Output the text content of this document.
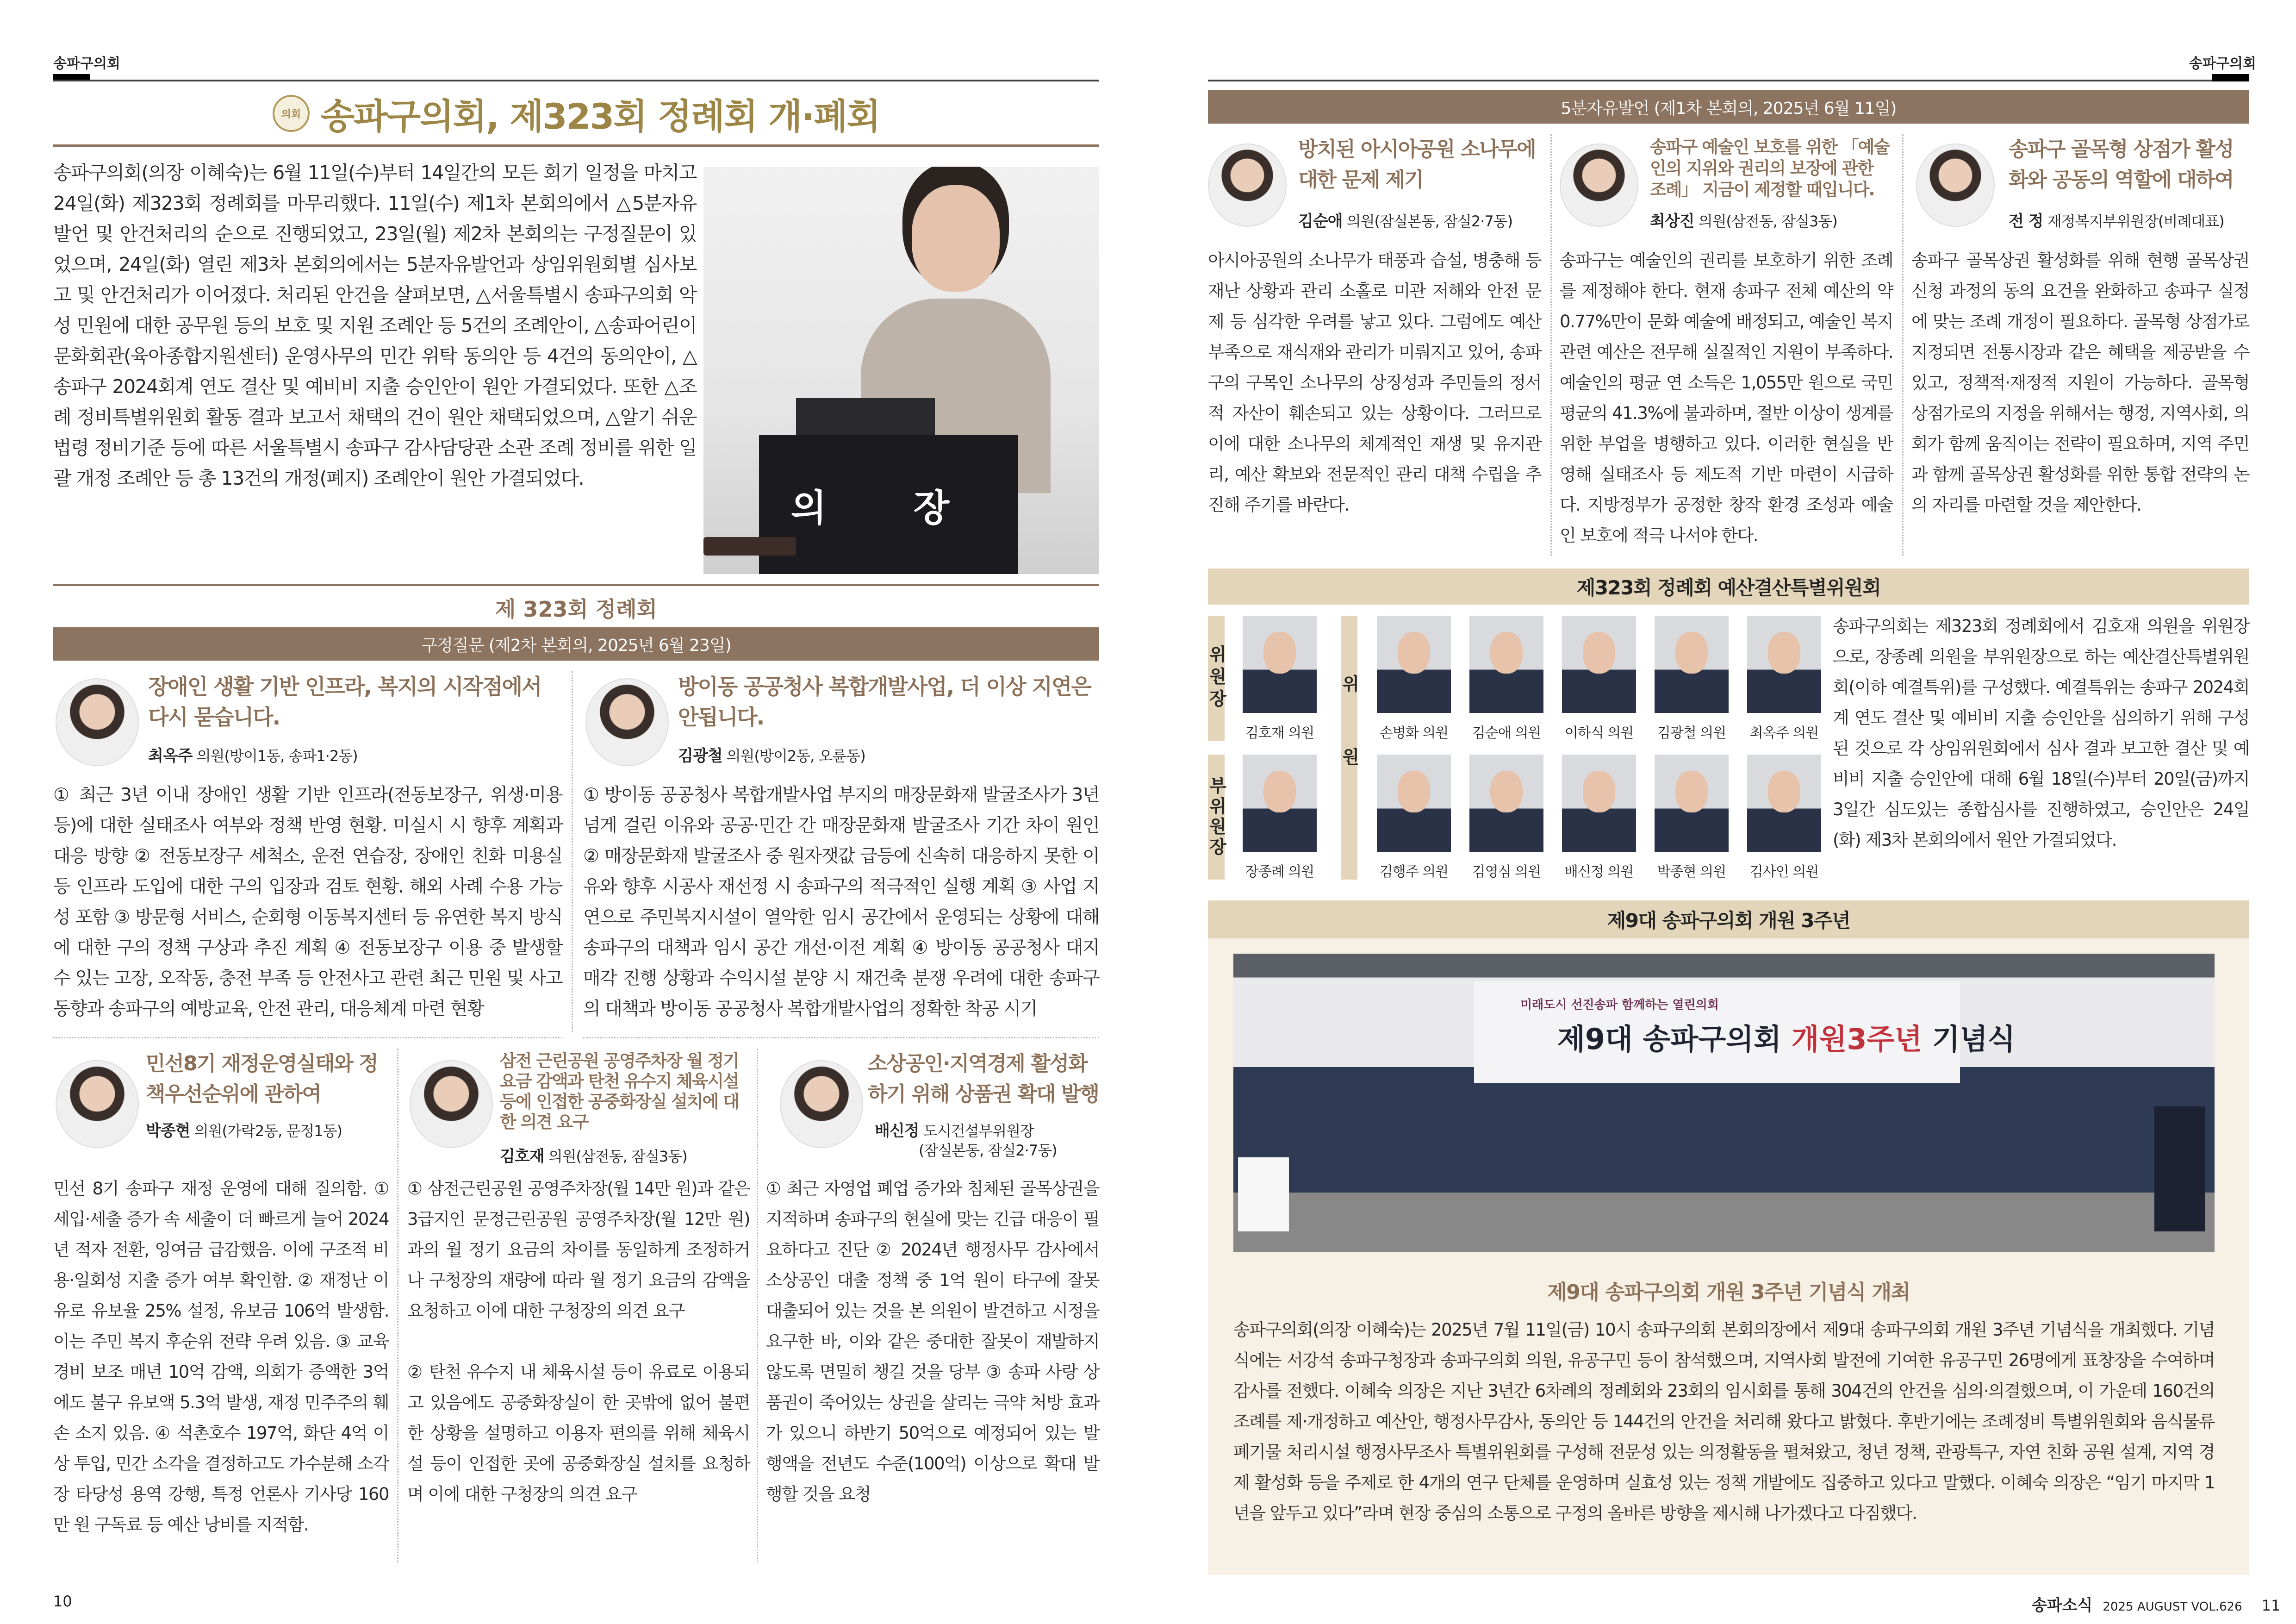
송파구의회
의회 송파구의회, 제323회 정례회 개·폐회

송파구의회(의장 이혜숙)는 6월 11일(수)부터 14일간의 모든 회기 일정을 마치고 24일(화) 제323회 정례회를 마무리했다. 11일(수) 제1차 본회의에서 △5분자유발언 및 안건처리의 순으로 진행되었고, 23일(월) 제2차 본회의는 구정질문이 있었으며, 24일(화) 열린 제3차 본회의에서는 5분자유발언과 상임위원회별 심사보고 및 안건처리가 이어졌다. 처리된 안건을 살펴보면, △서울특별시 송파구의회 악성 민원에 대한 공무원 등의 보호 및 지원 조례안 등 5건의 조례안이, △송파어린이문화회관(육아종합지원센터) 운영사무의 민간 위탁 동의안 등 4건의 동의안이, △송파구 2024회계 연도 결산 및 예비비 지출 승인안이 원안 가결되었다. 또한 △조례 정비특별위원회 활동 결과 보고서 채택의 건이 원안 채택되었으며, △알기 쉬운 법령 정비기준 등에 따른 서울특별시 송파구 감사담당관 소관 조례 정비를 위한 일괄 개정 조례안 등 총 13건의 개정(폐지) 조례안이 원안 가결되었다.

의 장
제 323회 정례회
구정질문 (제2차 본회의, 2025년 6월 23일)
장애인 생활 기반 인프라, 복지의 시작점에서 다시 묻습니다.
최옥주 의원(방이1동, 송파1·2동)

① 최근 3년 이내 장애인 생활 기반 인프라(전동보장구, 위생·미용 등)에 대한 실태조사 여부와 정책 반영 현황. 미실시 시 향후 계획과 대응 방향 ② 전동보장구 세척소, 운전 연습장, 장애인 친화 미용실 등 인프라 도입에 대한 구의 입장과 검토 현황. 해외 사례 수용 가능성 포함 ③ 방문형 서비스, 순회형 이동복지센터 등 유연한 복지 방식에 대한 구의 정책 구상과 추진 계획 ④ 전동보장구 이용 중 발생할 수 있는 고장, 오작동, 충전 부족 등 안전사고 관련 최근 민원 및 사고 동향과 송파구의 예방교육, 안전 관리, 대응체계 마련 현황

방이동 공공청사 복합개발사업, 더 이상 지연은 안됩니다.
김광철 의원(방이2동, 오륜동)

① 방이동 공공청사 복합개발사업 부지의 매장문화재 발굴조사가 3년 넘게 걸린 이유와 공공·민간 간 매장문화재 발굴조사 기간 차이 원인 ② 매장문화재 발굴조사 중 원자잿값 급등에 신속히 대응하지 못한 이유와 향후 시공사 재선정 시 송파구의 적극적인 실행 계획 ③ 사업 지연으로 주민복지시설이 열악한 임시 공간에서 운영되는 상황에 대해 송파구의 대책과 임시 공간 개선·이전 계획 ④ 방이동 공공청사 대지 매각 진행 상황과 수익시설 분양 시 재건축 분쟁 우려에 대한 송파구의 대책과 방이동 공공청사 복합개발사업의 정확한 착공 시기

민선8기 재정운영실태와 정책우선순위에 관하여
박종현 의원(가락2동, 문정1동)

민선 8기 송파구 재정 운영에 대해 질의함. ① 세입·세출 증가 속 세출이 더 빠르게 늘어 2024년 적자 전환, 잉여금 급감했음. 이에 구조적 비용·일회성 지출 증가 여부 확인함. ② 재정난 이유로 유보율 25% 설정, 유보금 106억 발생함. 이는 주민 복지 후순위 전략 우려 있음. ③ 교육경비 보조 매년 10억 감액, 의회가 증액한 3억에도 불구 유보액 5.3억 발생, 재정 민주주의 훼손 소지 있음. ④ 석촌호수 197억, 화단 4억 이상 투입, 민간 소각을 결정하고도 가수분해 소각장 타당성 용역 강행, 특정 언론사 기사당 160만 원 구독료 등 예산 낭비를 지적함.

삼전 근린공원 공영주차장 월 정기 요금 감액과 탄천 유수지 체육시설 등에 인접한 공중화장실 설치에 대한 의견 요구
김호재 의원(삼전동, 잠실3동)

① 삼전근린공원 공영주차장(월 14만 원)과 같은 3급지인 문정근린공원 공영주차장(월 12만 원) 과의 월 정기 요금의 차이를 동일하게 조정하거나 구청장의 재량에 따라 월 정기 요금의 감액을 요청하고 이에 대한 구청장의 의견 요구

② 탄천 유수지 내 체육시설 등이 유료로 이용되고 있음에도 공중화장실이 한 곳밖에 없어 불편한 상황을 설명하고 이용자 편의를 위해 체육시설 등이 인접한 곳에 공중화장실 설치를 요청하며 이에 대한 구청장의 의견 요구

소상공인·지역경제 활성화 하기 위해 상품권 확대 발행
배신정 도시건설부위원장
(잠실본동, 잠실2·7동)

① 최근 자영업 폐업 증가와 침체된 골목상권을 지적하며 송파구의 현실에 맞는 긴급 대응이 필요하다고 진단 ② 2024년 행정사무 감사에서 소상공인 대출 정책 중 1억 원이 타구에 잘못 대출되어 있는 것을 본 의원이 발견하고 시정을 요구한 바, 이와 같은 중대한 잘못이 재발하지 않도록 면밀히 챙길 것을 당부 ③ 송파 사랑 상품권이 죽어있는 상권을 살리는 극약 처방 효과가 있으니 하반기 50억으로 예정되어 있는 발행액을 전년도 수준(100억) 이상으로 확대 발행할 것을 요청

10
송파구의회
5분자유발언 (제1차 본회의, 2025년 6월 11일)
방치된 아시아공원 소나무에 대한 문제 제기
김순애 의원(잠실본동, 잠실2·7동)

아시아공원의 소나무가 태풍과 습설, 병충해 등 재난 상황과 관리 소홀로 미관 저해와 안전 문제 등 심각한 우려를 낳고 있다. 그럼에도 예산 부족으로 재식재와 관리가 미뤄지고 있어, 송파구의 구목인 소나무의 상징성과 주민들의 정서적 자산이 훼손되고 있는 상황이다. 그러므로 이에 대한 소나무의 체계적인 재생 및 유지관리, 예산 확보와 전문적인 관리 대책 수립을 추진해 주기를 바란다.

송파구 예술인 보호를 위한 「예술인의 지위와 권리의 보장에 관한 조례」 지금이 제정할 때입니다.
최상진 의원(삼전동, 잠실3동)

송파구는 예술인의 권리를 보호하기 위한 조례를 제정해야 한다. 현재 송파구 전체 예산의 약 0.77%만이 문화 예술에 배정되고, 예술인 복지 관련 예산은 전무해 실질적인 지원이 부족하다. 예술인의 평균 연 소득은 1,055만 원으로 국민 평균의 41.3%에 불과하며, 절반 이상이 생계를 위한 부업을 병행하고 있다. 이러한 현실을 반영해 실태조사 등 제도적 기반 마련이 시급하다. 지방정부가 공정한 창작 환경 조성과 예술인 보호에 적극 나서야 한다.

송파구 골목형 상점가 활성화와 공동의 역할에 대하여
전 정 재정복지부위원장(비례대표)

송파구 골목상권 활성화를 위해 현행 골목상권 신청 과정의 동의 요건을 완화하고 송파구 실정에 맞는 조례 개정이 필요하다. 골목형 상점가로 지정되면 전통시장과 같은 혜택을 제공받을 수 있고, 정책적·재정적 지원이 가능하다. 골목형 상점가로의 지정을 위해서는 행정, 지역사회, 의회가 함께 움직이는 전략이 필요하며, 지역 주민과 함께 골목상권 활성화를 위한 통합 전략의 논의 자리를 마련할 것을 제안한다.

제323회 정례회 예산결산특별위원회
위원장
부위원장	위원
김호재 의원
장종례 의원
손병화 의원 김순애 의원 이하식 의원 김광철 의원 최옥주 의원
김행주 의원 김영심 의원 배신정 의원 박종현 의원 김사인 의원

송파구의회는 제323회 정례회에서 김호재 의원을 위원장으로, 장종례 의원을 부위원장으로 하는 예산결산특별위원회(이하 예결특위)를 구성했다. 예결특위는 송파구 2024회계 연도 결산 및 예비비 지출 승인안을 심의하기 위해 구성된 것으로 각 상임위원회에서 심사 결과 보고한 결산 및 예비비 지출 승인안에 대해 6월 18일(수)부터 20일(금)까지 3일간 심도있는 종합심사를 진행하였고, 승인안은 24일(화) 제3차 본회의에서 원안 가결되었다.

제9대 송파구의회 개원 3주년
미래도시 선진송파 함께하는 열린의회
제9대 송파구의회 개원3주년 기념식
제9대 송파구의회 개원 3주년 기념식 개최

송파구의회(의장 이혜숙)는 2025년 7월 11일(금) 10시 송파구의회 본회의장에서 제9대 송파구의회 개원 3주년 기념식을 개최했다. 기념식에는 서강석 송파구청장과 송파구의회 의원, 유공구민 등이 참석했으며, 지역사회 발전에 기여한 유공구민 26명에게 표창장을 수여하며 감사를 전했다. 이혜숙 의장은 지난 3년간 6차례의 정례회와 23회의 임시회를 통해 304건의 안건을 심의·의결했으며, 이 가운데 160건의 조례를 제·개정하고 예산안, 행정사무감사, 동의안 등 144건의 안건을 처리해 왔다고 밝혔다. 후반기에는 조례정비 특별위원회와 음식물류 폐기물 처리시설 행정사무조사 특별위원회를 구성해 전문성 있는 의정활동을 펼쳐왔고, 청년 정책, 관광특구, 자연 친화 공원 설계, 지역 경제 활성화 등을 주제로 한 4개의 연구 단체를 운영하며 실효성 있는 정책 개발에도 집중하고 있다고 말했다. 이혜숙 의장은 “임기 마지막 1년을 앞두고 있다”라며 현장 중심의 소통으로 구정의 올바른 방향을 제시해 나가겠다고 다짐했다.

송파소식 2025 AUGUST VOL.626 11
